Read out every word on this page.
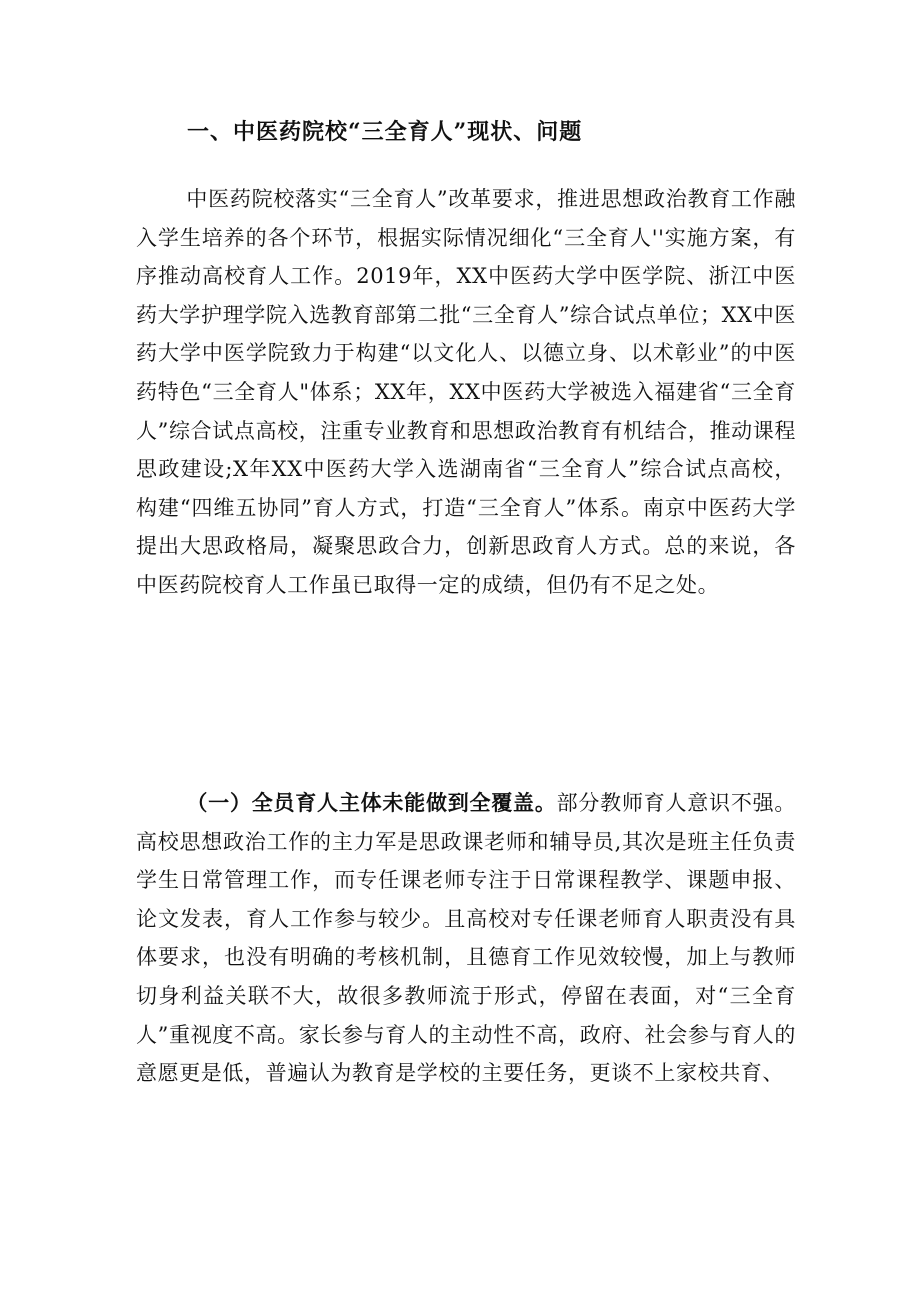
一、中医药院校“三全育人”现状、问题

中医药院校落实“三全育人”改革要求，推进思想政治教育工作融入学生培养的各个环节，根据实际情况细化“三全育人''实施方案，有序推动高校育人工作。2019年，XX中医药大学中医学院、浙江中医药大学护理学院入选教育部第二批“三全育人”综合试点单位；XX中医药大学中医学院致力于构建“以文化人、以德立身、以术彰业”的中医药特色“三全育人"体系；XX年，XX中医药大学被选入福建省“三全育人”综合试点高校，注重专业教育和思想政治教育有机结合，推动课程思政建设;X年XX中医药大学入选湖南省“三全育人”综合试点高校，构建“四维五协同”育人方式，打造“三全育人”体系。南京中医药大学提出大思政格局，凝聚思政合力，创新思政育人方式。总的来说，各中医药院校育人工作虽已取得一定的成绩，但仍有不足之处。

（一）全员育人主体未能做到全覆盖。部分教师育人意识不强。高校思想政治工作的主力军是思政课老师和辅导员,其次是班主任负责学生日常管理工作，而专任课老师专注于日常课程教学、课题申报、论文发表，育人工作参与较少。且高校对专任课老师育人职责没有具体要求，也没有明确的考核机制，且德育工作见效较慢，加上与教师切身利益关联不大，故很多教师流于形式，停留在表面，对“三全育人”重视度不高。家长参与育人的主动性不高，政府、社会参与育人的意愿更是低，普遍认为教育是学校的主要任务，更谈不上家校共育、
